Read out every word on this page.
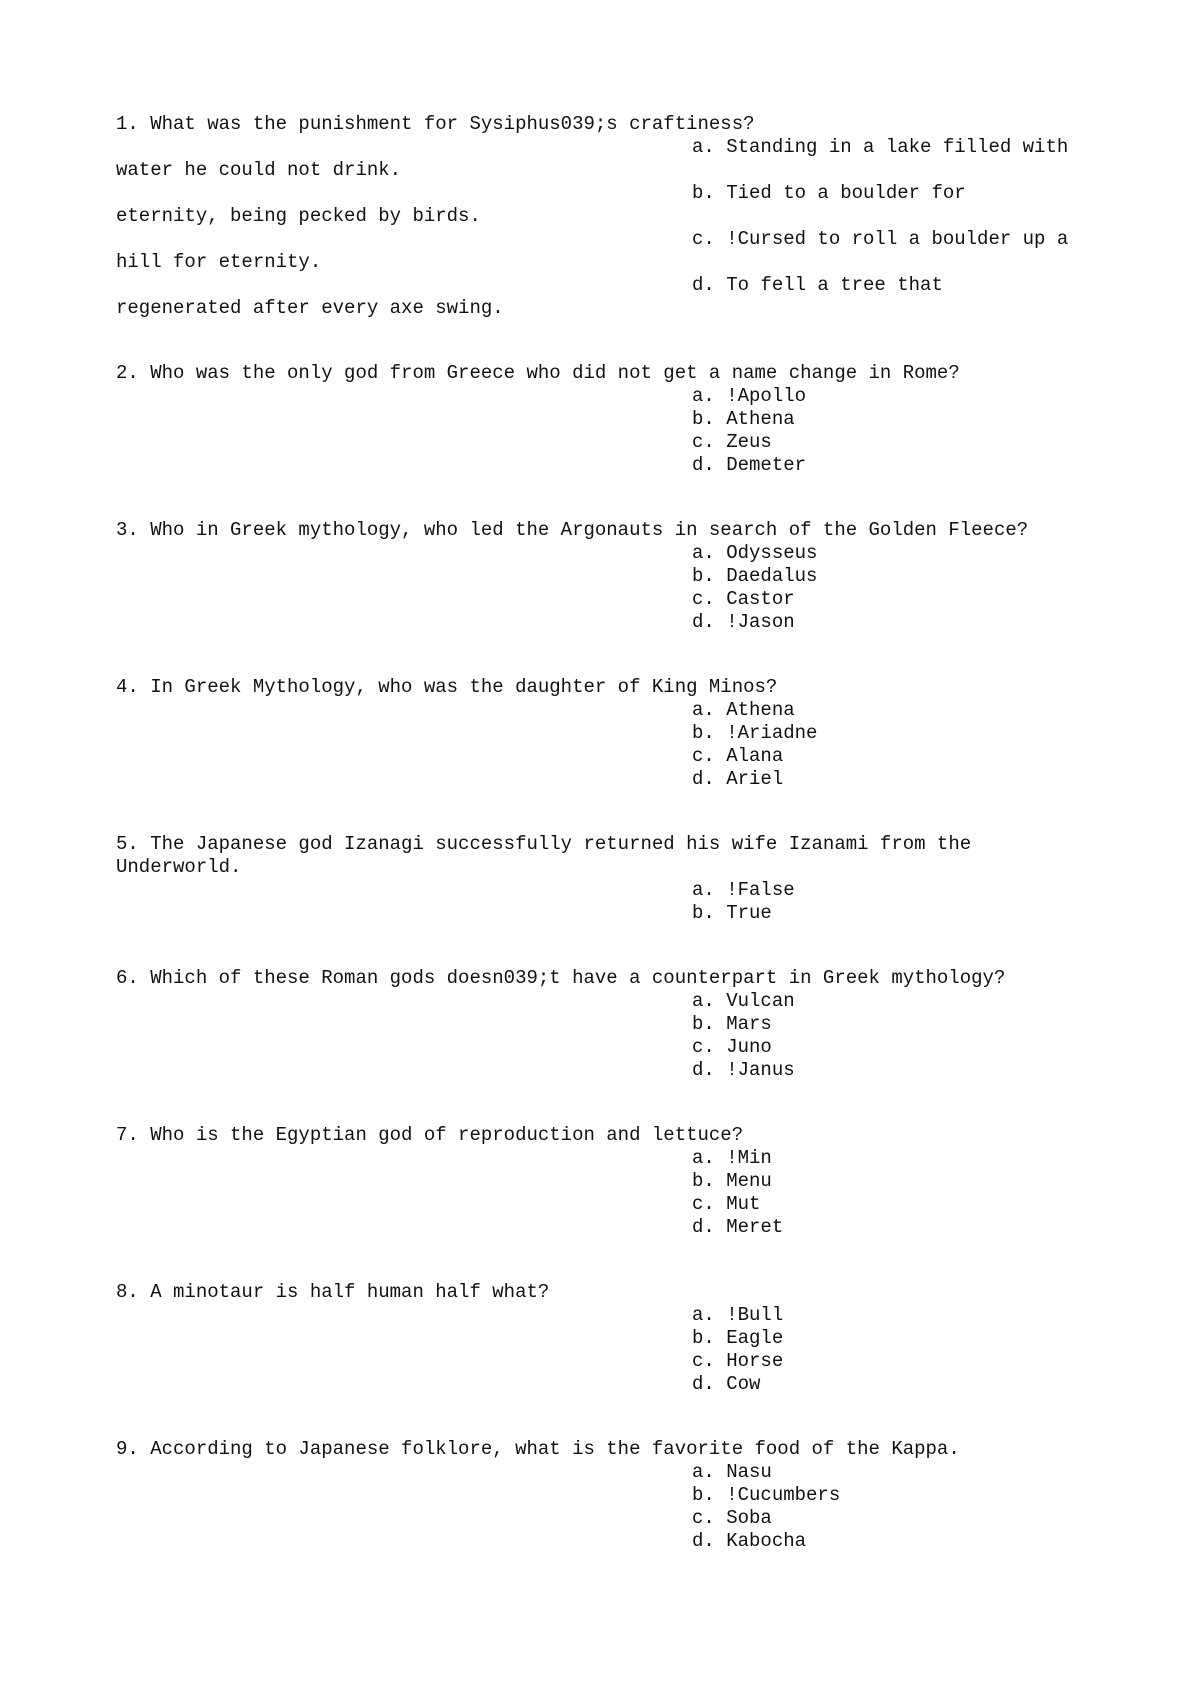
1. What was the punishment for Sysiphus039;s craftiness?
a. Standing in a lake filled with
water he could not drink.
b. Tied to a boulder for
eternity, being pecked by birds.
c. !Cursed to roll a boulder up a
hill for eternity.
d. To fell a tree that
regenerated after every axe swing.
2. Who was the only god from Greece who did not get a name change in Rome?
a. !Apollo
b. Athena
c. Zeus
d. Demeter
3. Who in Greek mythology, who led the Argonauts in search of the Golden Fleece?
a. Odysseus
b. Daedalus
c. Castor
d. !Jason
4. In Greek Mythology, who was the daughter of King Minos?
a. Athena
b. !Ariadne
c. Alana
d. Ariel
5. The Japanese god Izanagi successfully returned his wife Izanami from the
Underworld.
a. !False
b. True
6. Which of these Roman gods doesn039;t have a counterpart in Greek mythology?
a. Vulcan
b. Mars
c. Juno
d. !Janus
7. Who is the Egyptian god of reproduction and lettuce?
a. !Min
b. Menu
c. Mut
d. Meret
8. A minotaur is half human half what?
a. !Bull
b. Eagle
c. Horse
d. Cow
9. According to Japanese folklore, what is the favorite food of the Kappa.
a. Nasu
b. !Cucumbers
c. Soba
d. Kabocha
